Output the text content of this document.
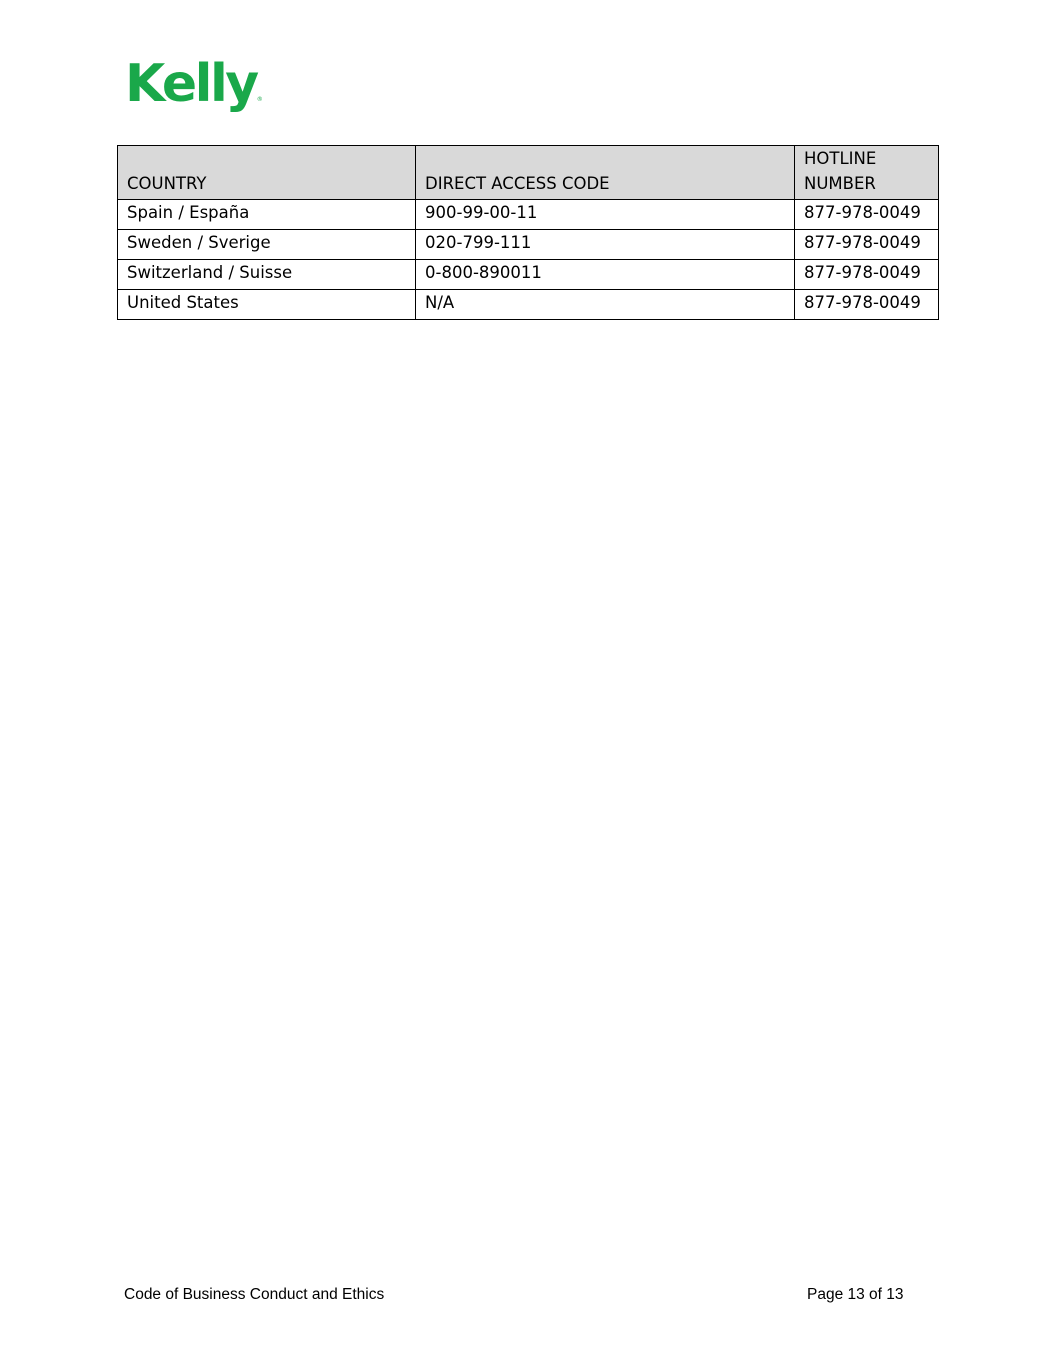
Kelly®
COUNTRY	DIRECT ACCESS CODE	HOTLINE
NUMBER

Spain / España	900-99-00-11	877-978-0049
Sweden / Sverige	020-799-111	877-978-0049
Switzerland / Suisse	0-800-890011	877-978-0049
United States	N/A	877-978-0049
Code of Business Conduct and Ethics	Page 13 of 13
